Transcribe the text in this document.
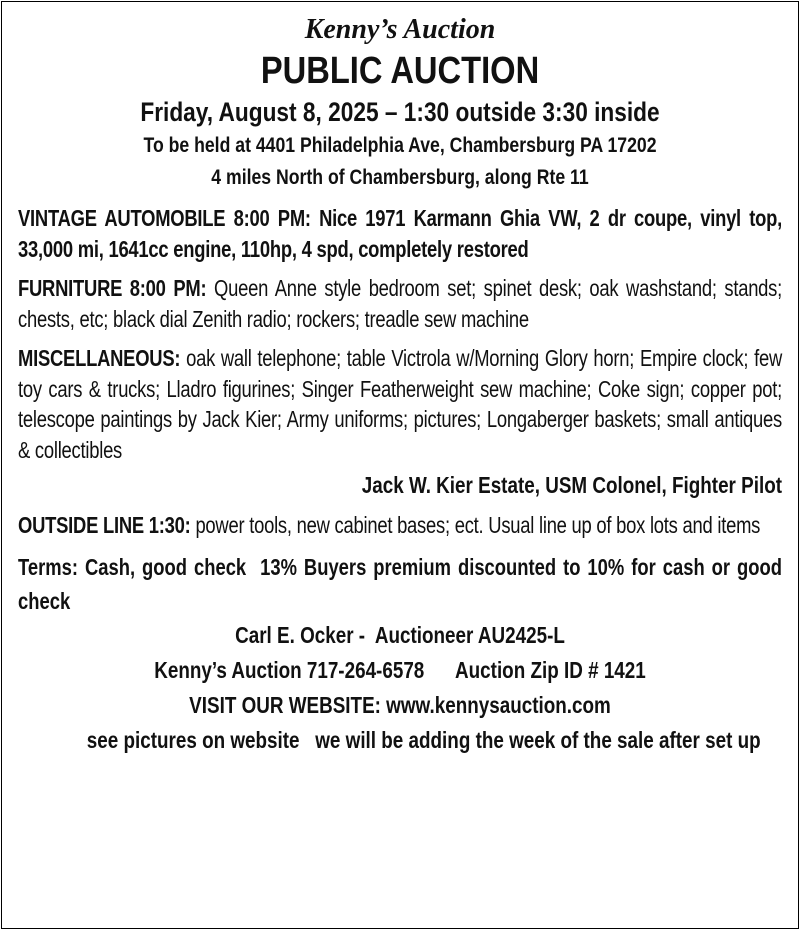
Kenny’s Auction
PUBLIC AUCTION
Friday, August 8, 2025 – 1:30 outside 3:30 inside
To be held at 4401 Philadelphia Ave, Chambersburg PA 17202
4 miles North of Chambersburg, along Rte 11
VINTAGE AUTOMOBILE 8:00 PM: Nice 1971 Karmann Ghia VW, 2 dr coupe, vinyl top, 33,000 mi, 1641cc engine, 110hp, 4 spd, completely restored
FURNITURE 8:00 PM: Queen Anne style bedroom set; spinet desk; oak washstand; stands; chests, etc; black dial Zenith radio; rockers; treadle sew machine
MISCELLANEOUS: oak wall telephone; table Victrola w/Morning Glory horn; Empire clock; few toy cars & trucks; Lladro figurines; Singer Featherweight sew machine; Coke sign; copper pot; telescope paintings by Jack Kier; Army uniforms; pictures; Longaberger baskets; small antiques & collectibles
Jack W. Kier Estate, USM Colonel, Fighter Pilot
OUTSIDE LINE 1:30: power tools, new cabinet bases; ect. Usual line up of box lots and items
Terms: Cash, good check  13% Buyers premium discounted to 10% for cash or good check
Carl E. Ocker -  Auctioneer AU2425-L
Kenny’s Auction 717-264-6578      Auction Zip ID # 1421
VISIT OUR WEBSITE: www.kennysauction.com
see pictures on website   we will be adding the week of the sale after set up
